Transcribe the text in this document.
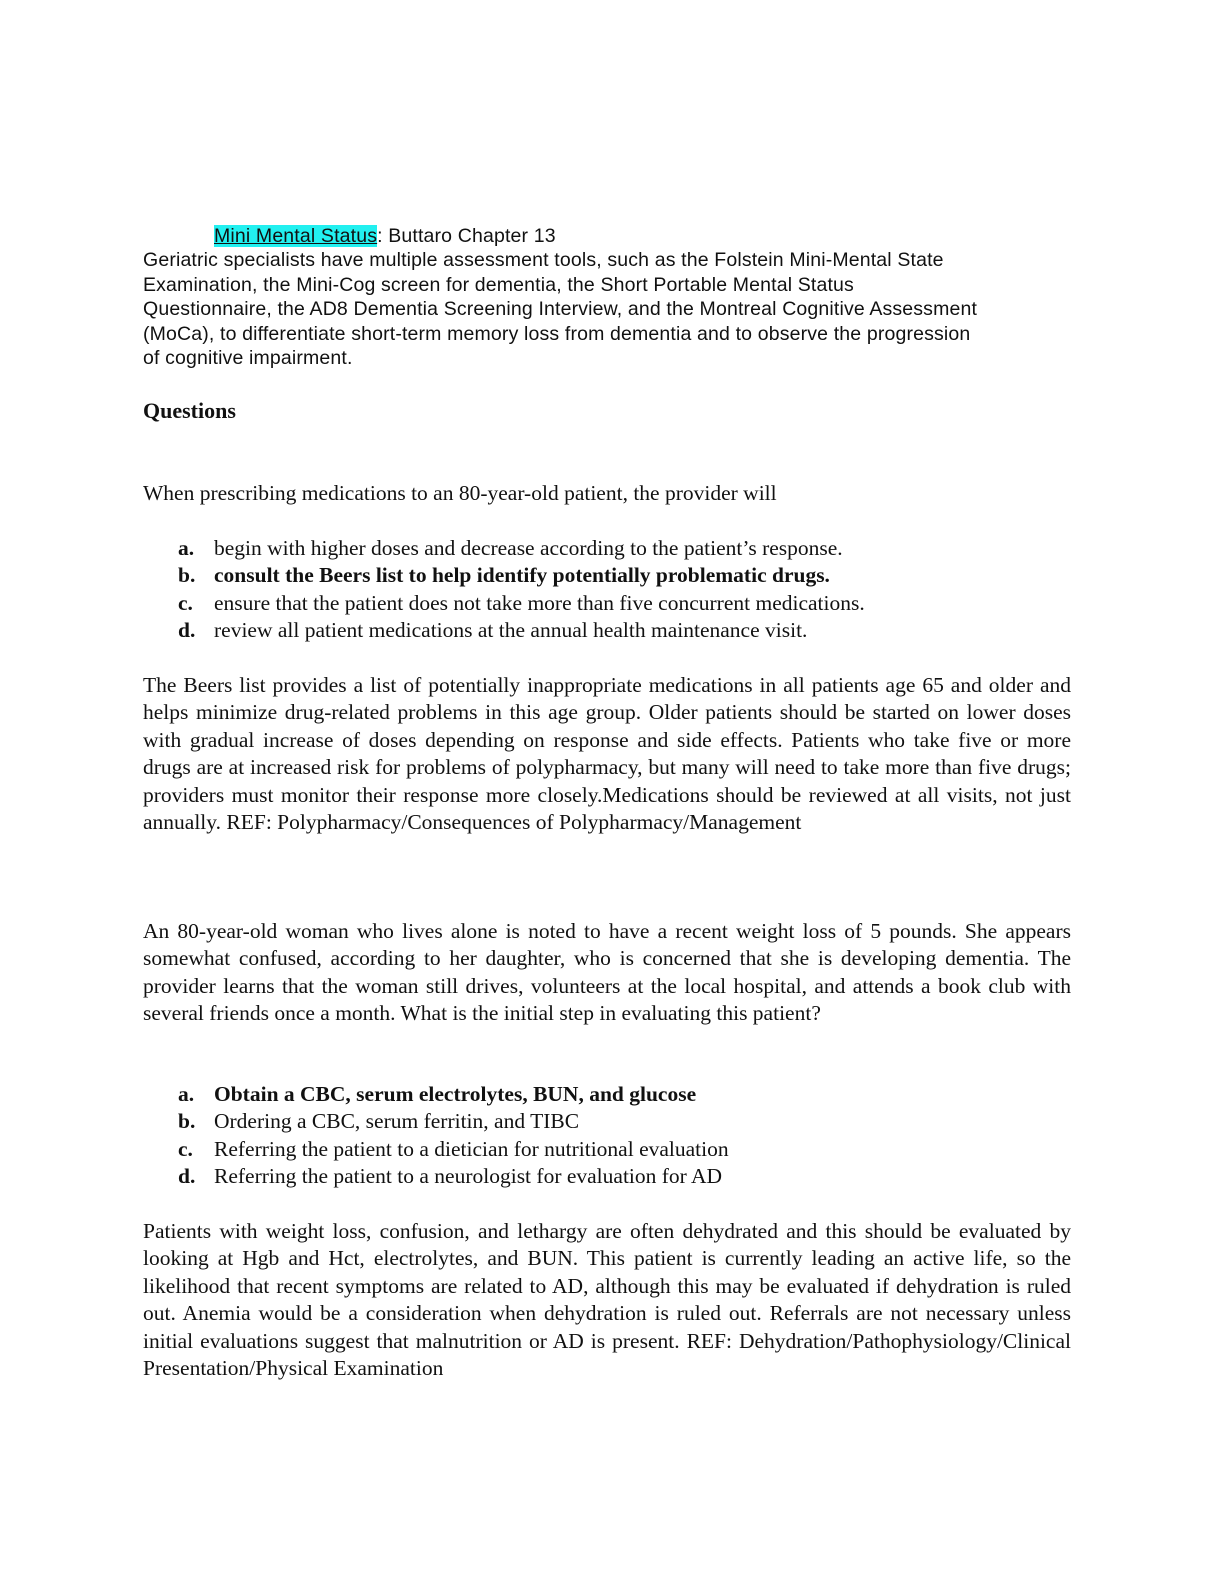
Mini Mental Status: Buttaro Chapter 13

Geriatric specialists have multiple assessment tools, such as the Folstein Mini-Mental State
Examination, the Mini-Cog screen for dementia, the Short Portable Mental Status
Questionnaire, the AD8 Dementia Screening Interview, and the Montreal Cognitive Assessment
(MoCa), to differentiate short-term memory loss from dementia and to observe the progression
of cognitive impairment.

Questions

When prescribing medications to an 80-year-old patient, the provider will

a. begin with higher doses and decrease according to the patient’s response.
b. consult the Beers list to help identify potentially problematic drugs.
c. ensure that the patient does not take more than five concurrent medications.
d. review all patient medications at the annual health maintenance visit.

The Beers list provides a list of potentially inappropriate medications in all patients age 65 and older and helps minimize drug-related problems in this age group. Older patients should be started on lower doses with gradual increase of doses depending on response and side effects. Patients who take five or more drugs are at increased risk for problems of polypharmacy, but many will need to take more than five drugs; providers must monitor their response more closely.Medications should be reviewed at all visits, not just annually. REF: Polypharmacy/Consequences of Polypharmacy/Management

An 80-year-old woman who lives alone is noted to have a recent weight loss of 5 pounds. She appears somewhat confused, according to her daughter, who is concerned that she is developing dementia. The provider learns that the woman still drives, volunteers at the local hospital, and attends a book club with several friends once a month. What is the initial step in evaluating this patient?

a. Obtain a CBC, serum electrolytes, BUN, and glucose
b. Ordering a CBC, serum ferritin, and TIBC
c. Referring the patient to a dietician for nutritional evaluation
d. Referring the patient to a neurologist for evaluation for AD

Patients with weight loss, confusion, and lethargy are often dehydrated and this should be evaluated by looking at Hgb and Hct, electrolytes, and BUN. This patient is currently leading an active life, so the likelihood that recent symptoms are related to AD, although this may be evaluated if dehydration is ruled out. Anemia would be a consideration when dehydration is ruled out. Referrals are not necessary unless initial evaluations suggest that malnutrition or AD is present. REF: Dehydration/Pathophysiology/Clinical Presentation/Physical Examination
